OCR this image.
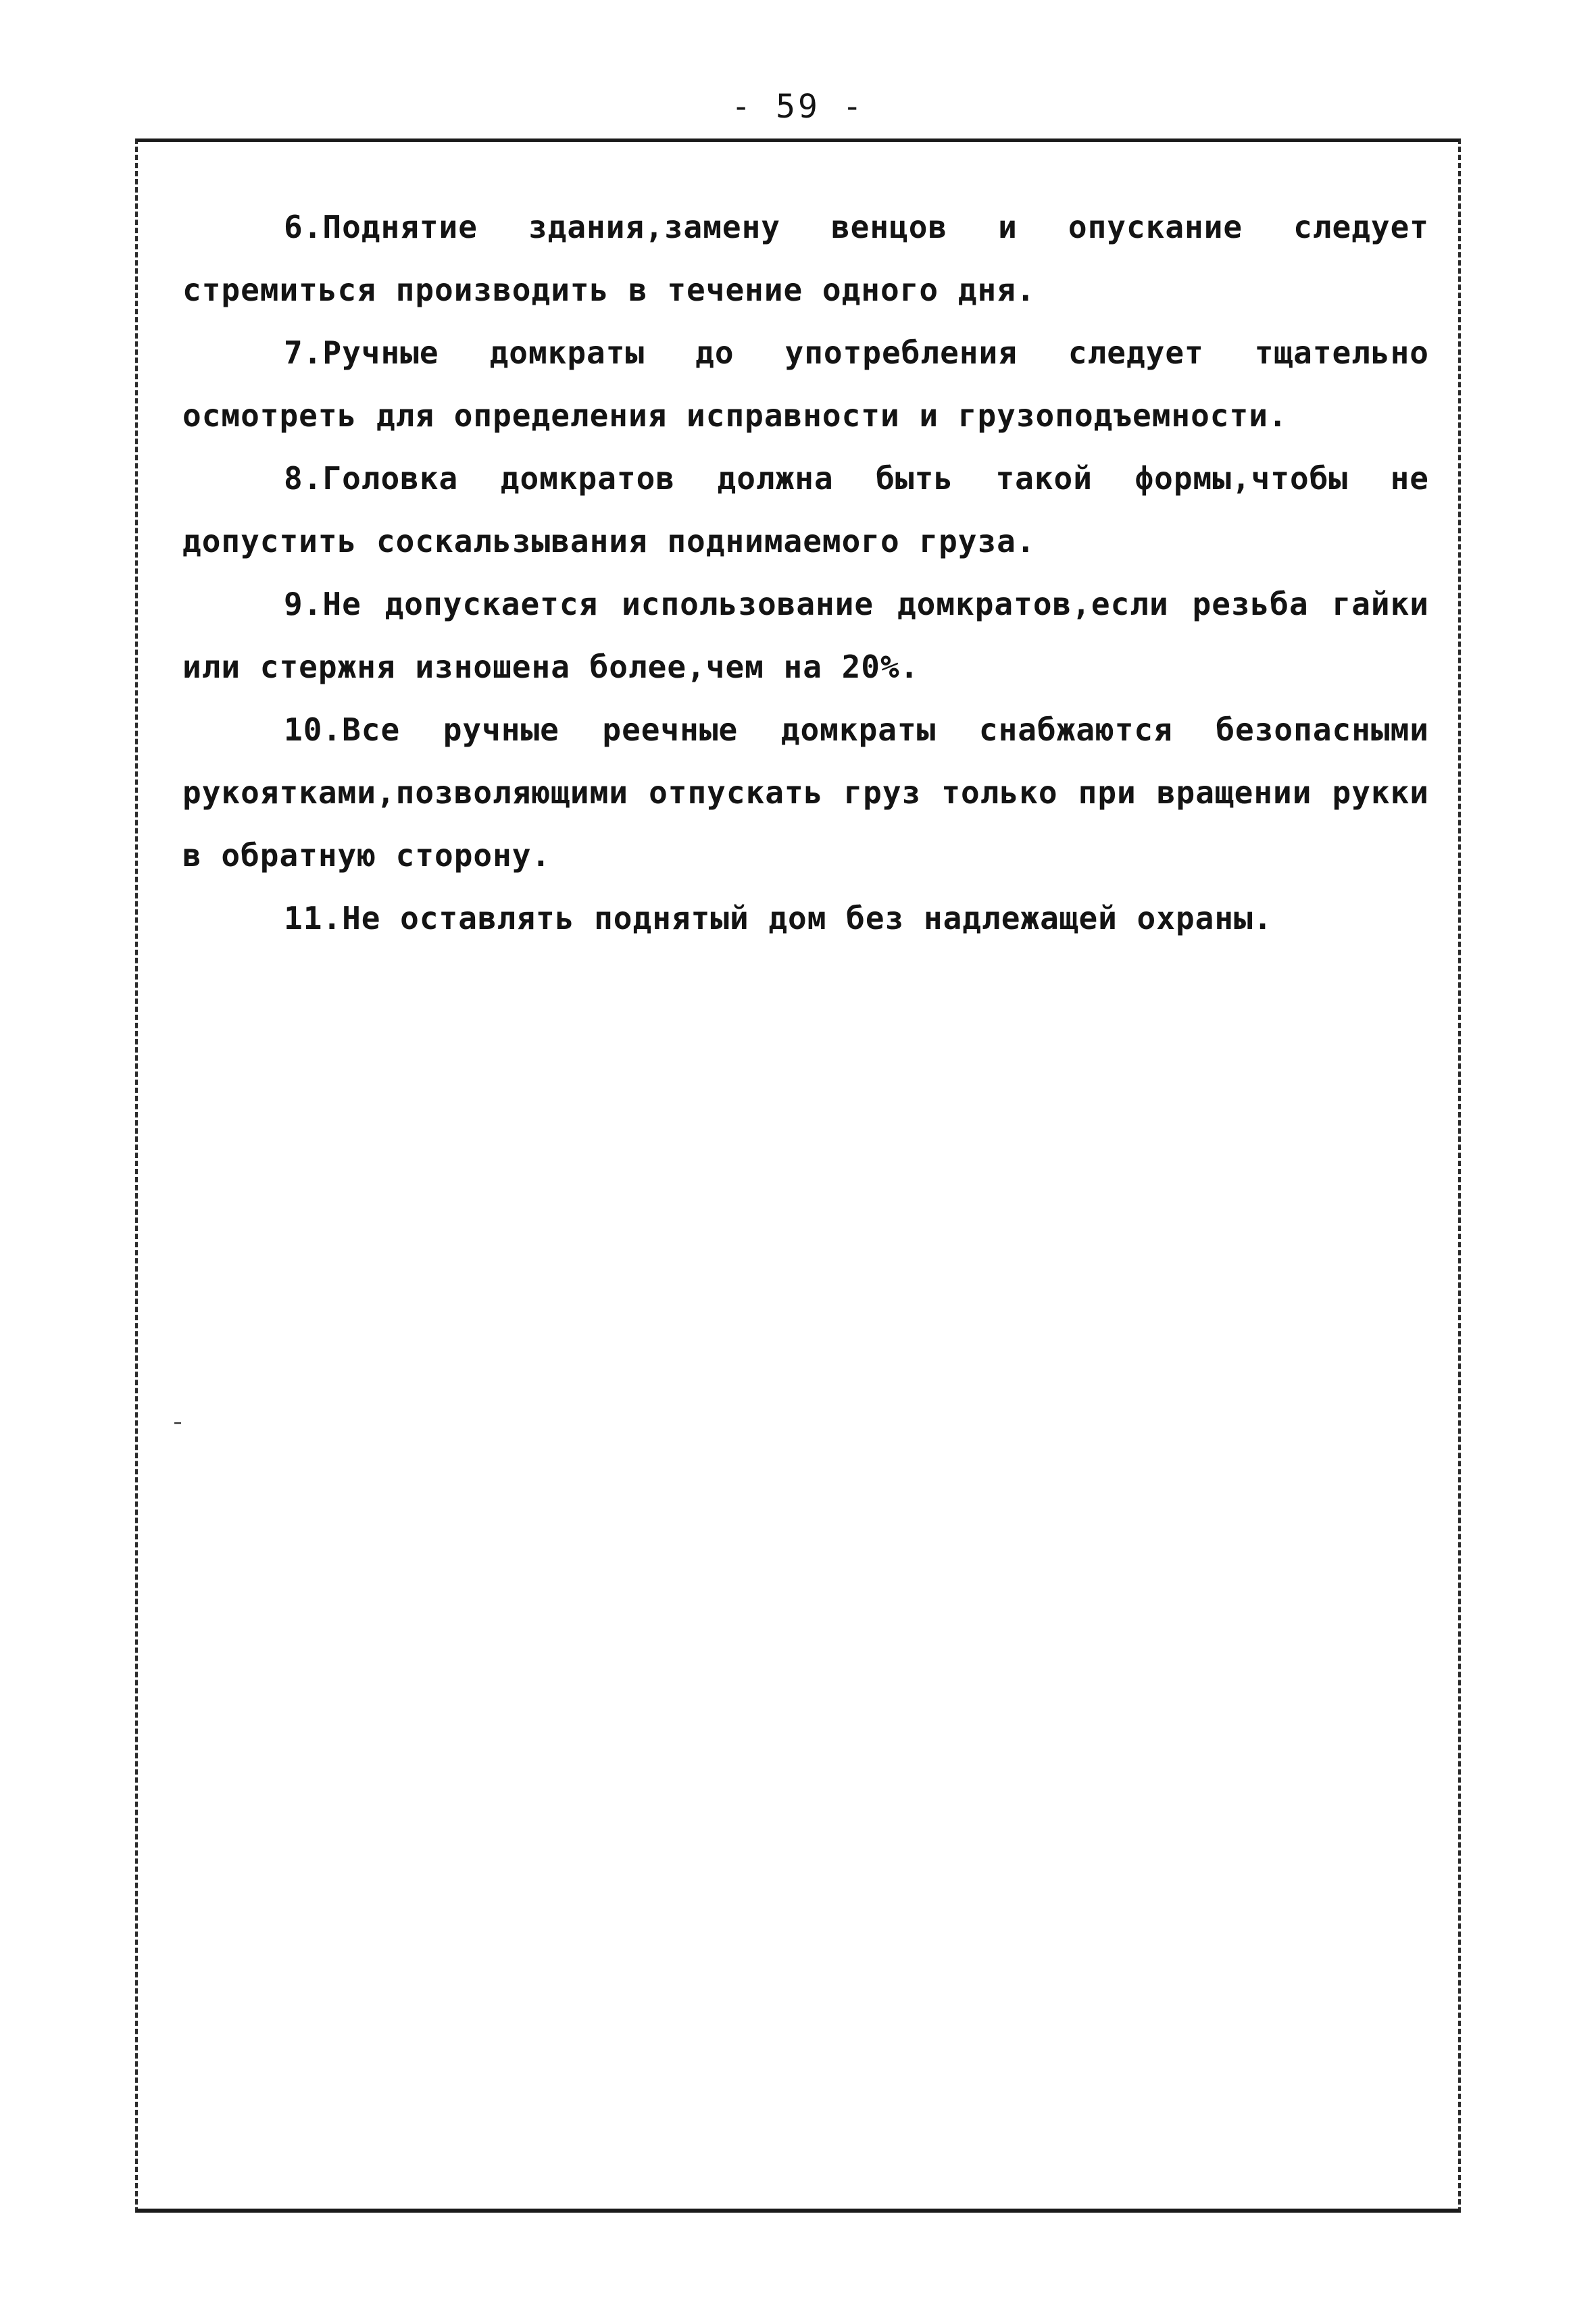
- 59 -

6.Поднятие здания,замену венцов и опускание следует стремиться производить в течение одного дня.

7.Ручные домкраты до употребления следует тщательно осмотреть для определения исправности и грузоподъемности.

8.Головка домкратов должна быть такой формы,чтобы не допустить соскальзывания поднимаемого груза.

9.Не допускается использование домкратов,если резьба гайки или стержня изношена более,чем на 20%.

10.Все ручные реечные домкраты снабжаются безопасными рукоятками,позволяющими отпускать груз только при вращении рукки в обратную сторону.

11.Не оставлять поднятый дом без надлежащей охраны.
